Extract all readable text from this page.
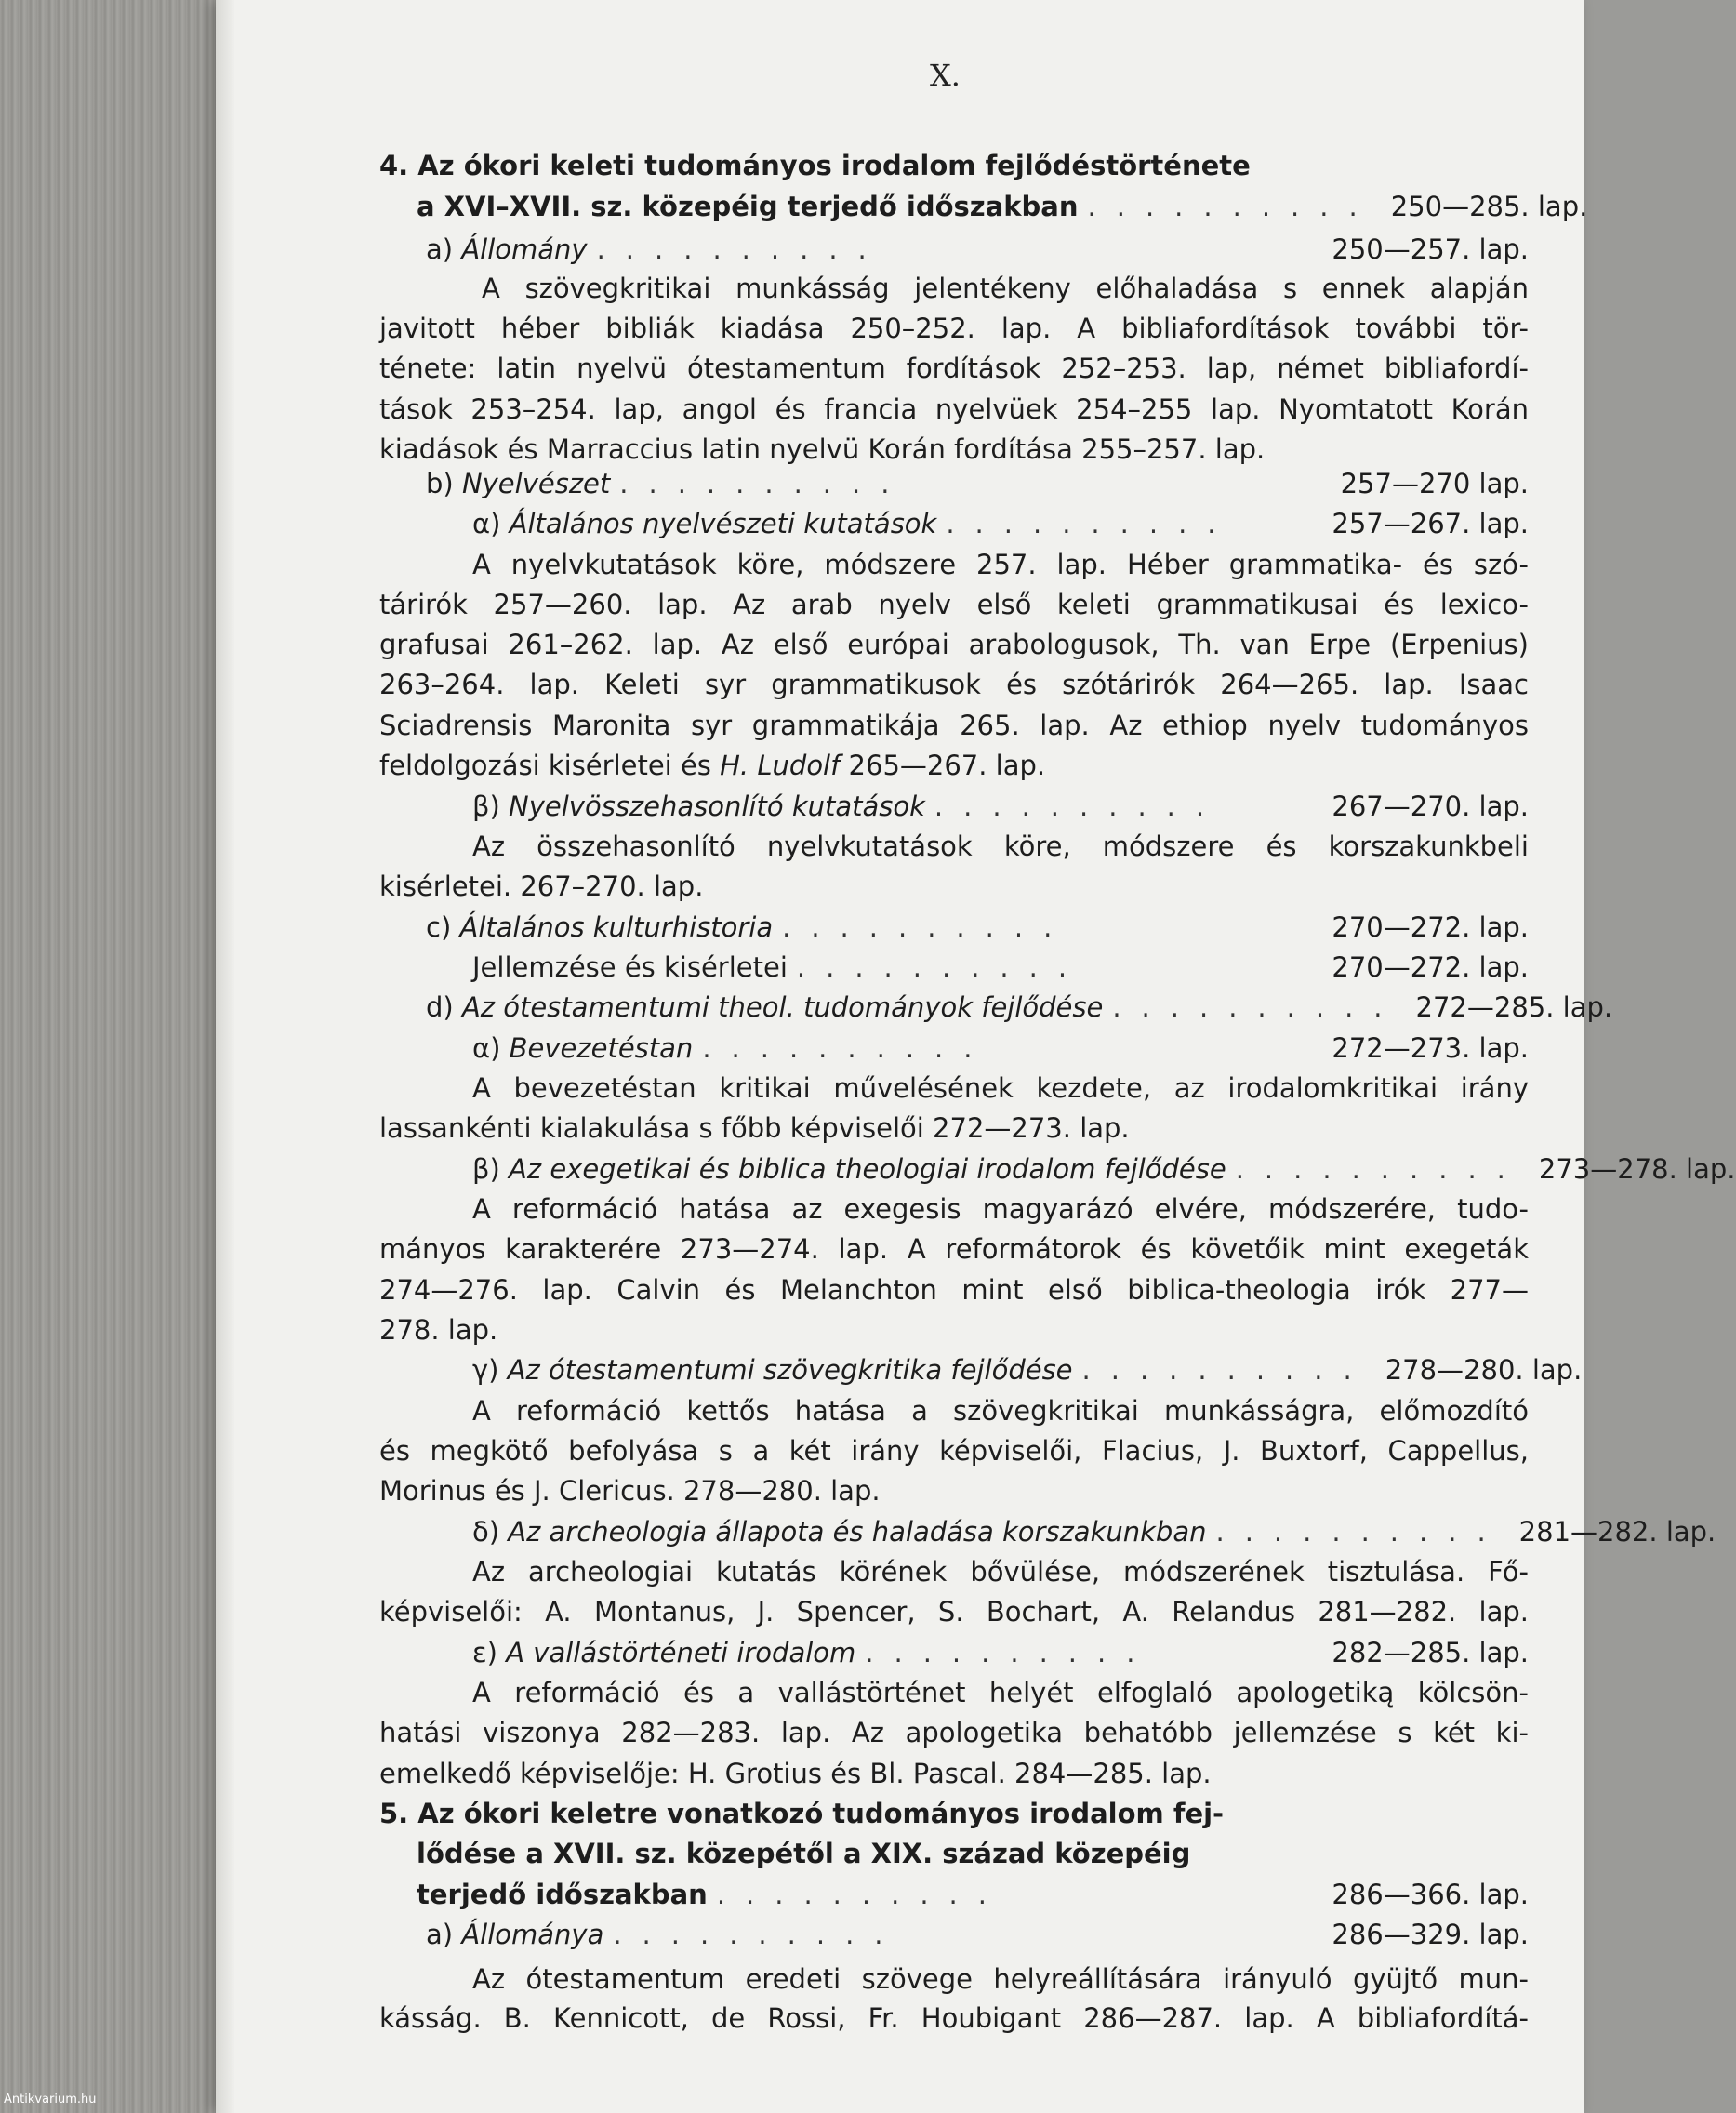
X.
4. Az ókori keleti tudományos irodalom fejlődéstörténete
a XVI–XVII. sz. közepéig terjedő időszakban .......... 250—285. lap.
a) Állomány ..........	250—257. lap.
A szövegkritikai munkásság jelentékeny előhaladása s ennek alapján
javitott héber bibliák kiadása 250–252. lap. A bibliafordítások további tör-
ténete: latin nyelvü ótestamentum fordítások 252–253. lap, német bibliafordí-
tások 253–254. lap, angol és francia nyelvüek 254–255 lap. Nyomtatott Korán
kiadások és Marraccius latin nyelvü Korán fordítása 255–257. lap.
b) Nyelvészet ..........	257—270 lap.
α) Általános nyelvészeti kutatások ..........	257—267. lap.
A nyelvkutatások köre, módszere 257. lap. Héber grammatika- és szó-
tárirók 257—260. lap. Az arab nyelv első keleti grammatikusai és lexico-
grafusai 261–262. lap. Az első európai arabologusok, Th. van Erpe (Erpenius)
263–264. lap. Keleti syr grammatikusok és szótárirók 264—265. lap. Isaac
Sciadrensis Maronita syr grammatikája 265. lap. Az ethiop nyelv tudományos
feldolgozási kisérletei és H. Ludolf 265—267. lap.
β) Nyelvösszehasonlító kutatások ..........	267—270. lap.
Az összehasonlító nyelvkutatások köre, módszere és korszakunkbeli
kisérletei. 267–270. lap.
c) Általános kulturhistoria ..........	270—272. lap.
Jellemzése és kisérletei ..........	270—272. lap.
d) Az ótestamentumi theol. tudományok fejlődése .......... 272—285. lap.
α) Bevezetéstan ..........	272—273. lap.
A bevezetéstan kritikai művelésének kezdete, az irodalomkritikai irány
lassankénti kialakulása s főbb képviselői 272—273. lap.
β) Az exegetikai és biblica theologiai irodalom fejlődése .......... 273—278. lap.
A reformáció hatása az exegesis magyarázó elvére, módszerére, tudo-
mányos karakterére 273—274. lap. A reformátorok és követőik mint exegeták
274—276. lap. Calvin és Melanchton mint első biblica-theologia irók 277—
278. lap.
γ) Az ótestamentumi szövegkritika fejlődése .......... 278—280. lap.
A reformáció kettős hatása a szövegkritikai munkásságra, előmozdító
és megkötő befolyása s a két irány képviselői, Flacius, J. Buxtorf, Cappellus,
Morinus és J. Clericus. 278—280. lap.
δ) Az archeologia állapota és haladása korszakunkban .......... 281—282. lap.
Az archeologiai kutatás körének bővülése, módszerének tisztulása. Fő-
képviselői: A. Montanus, J. Spencer, S. Bochart, A. Relandus 281—282. lap.
ε) A vallástörténeti irodalom ..........	282—285. lap.
A reformáció és a vallástörténet helyét elfoglaló apologetiką kölcsön-
hatási viszonya 282—283. lap. Az apologetika behatóbb jellemzése s két ki-
emelkedő képviselője: H. Grotius és Bl. Pascal. 284—285. lap.
5. Az ókori keletre vonatkozó tudományos irodalom fej-
lődése a XVII. sz. közepétől a XIX. század közepéig
terjedő időszakban ..........	286—366. lap.
a) Állománya ..........	286—329. lap.
Az ótestamentum eredeti szövege helyreállítására irányuló gyüjtő mun-
kásság. B. Kennicott, de Rossi, Fr. Houbigant 286—287. lap. A bibliafordítá-
Antikvarium.hu
